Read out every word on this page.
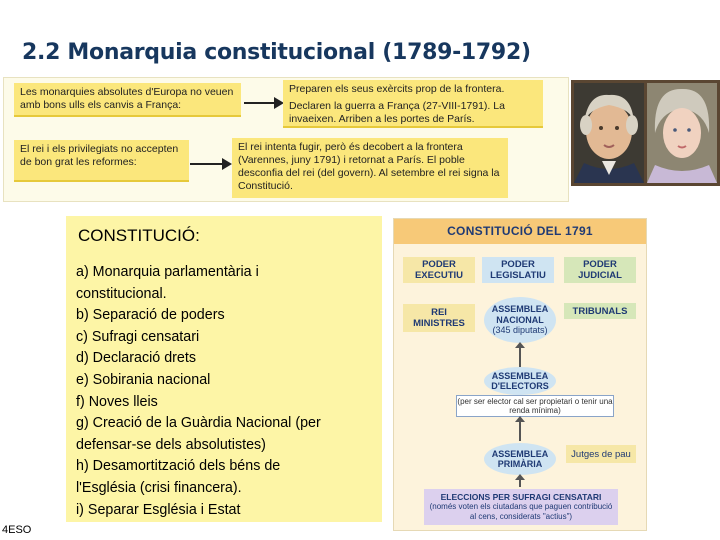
2.2 Monarquia constitucional (1789-1792)
Les monarquies absolutes d'Europa no veuen amb bons ulls els canvis a França:
Preparen els seus exèrcits prop de la frontera.
Declaren la guerra a França (27-VIII-1791). La invaeixen. Arriben a les portes de París.
El rei i els privilegiats no accepten de bon grat les reformes:
El rei intenta fugir, però és decobert a la frontera (Varennes, juny 1791) i retornat a París. El poble desconfia del rei (del govern). Al setembre el rei signa la Constitució.
CONSTITUCIÓ:
a) Monarquia parlamentària i
constitucional.
b) Separació de poders
c) Sufragi censatari
d) Declaració drets
e) Sobirania nacional
f) Noves lleis
g) Creació de la Guàrdia Nacional (per
defensar-se dels absolutistes)
h) Desamortització dels béns de
l'Església (crisi financera).
i) Separar Església i Estat
4ESO
CONSTITUCIÓ DEL 1791
PODER
EXECUTIU
PODER
LEGISLATIU
PODER
JUDICIAL
REI
MINISTRES
ASSEMBLEA
NACIONAL
(345 diputats)
TRIBUNALS
ASSEMBLEA
D'ELECTORS
(per ser elector cal ser propietari o tenir una renda mínima)
Jutges de pau
ASSEMBLEA
PRIMÀRIA
ELECCIONS PER SUFRAGI CENSATARI
(només voten els ciutadans que paguen contribució
al cens, considerats "actius")
